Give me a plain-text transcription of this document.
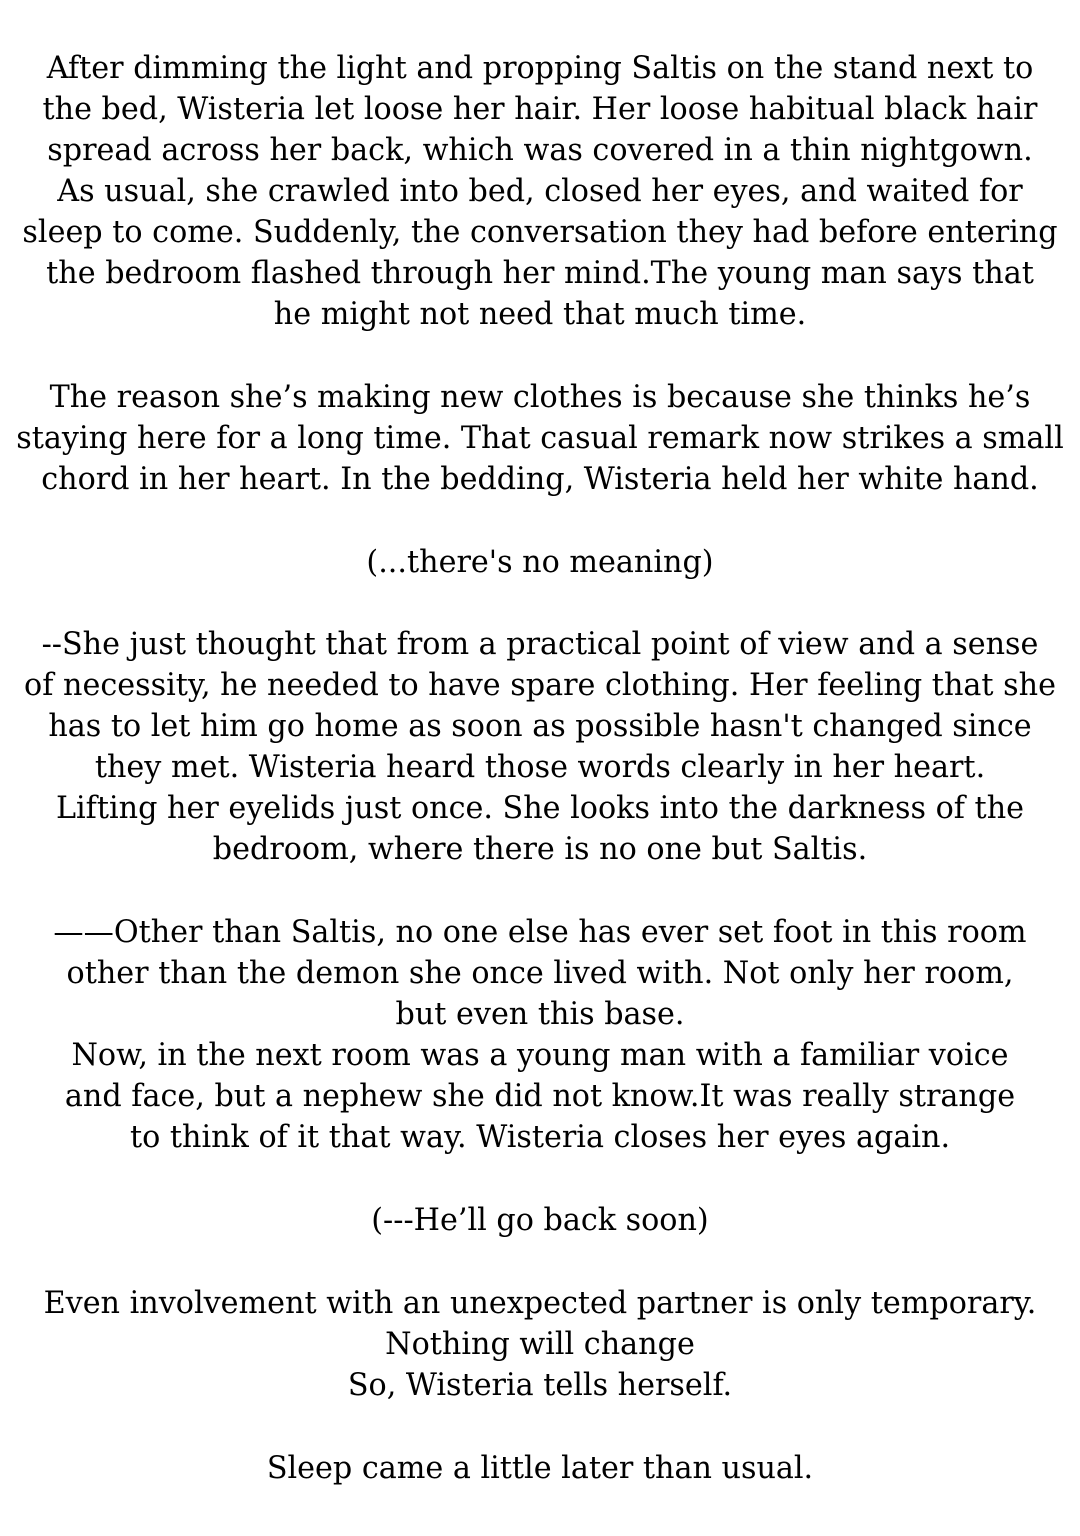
After dimming the light and propping Saltis on the stand next to
the bed, Wisteria let loose her hair. Her loose habitual black hair
spread across her back, which was covered in a thin nightgown.
As usual, she crawled into bed, closed her eyes, and waited for
sleep to come. Suddenly, the conversation they had before entering
the bedroom flashed through her mind.The young man says that
he might not need that much time.
The reason she’s making new clothes is because she thinks he’s
staying here for a long time. That casual remark now strikes a small
chord in her heart. In the bedding, Wisteria held her white hand.
(...there's no meaning)
--She just thought that from a practical point of view and a sense
of necessity, he needed to have spare clothing. Her feeling that she
has to let him go home as soon as possible hasn't changed since
they met. Wisteria heard those words clearly in her heart.
Lifting her eyelids just once. She looks into the darkness of the
bedroom, where there is no one but Saltis.
——Other than Saltis, no one else has ever set foot in this room
other than the demon she once lived with. Not only her room,
but even this base.
Now, in the next room was a young man with a familiar voice
and face, but a nephew she did not know.It was really strange
to think of it that way. Wisteria closes her eyes again.
(---He’ll go back soon)
Even involvement with an unexpected partner is only temporary.
Nothing will change
So, Wisteria tells herself.
Sleep came a little later than usual.
